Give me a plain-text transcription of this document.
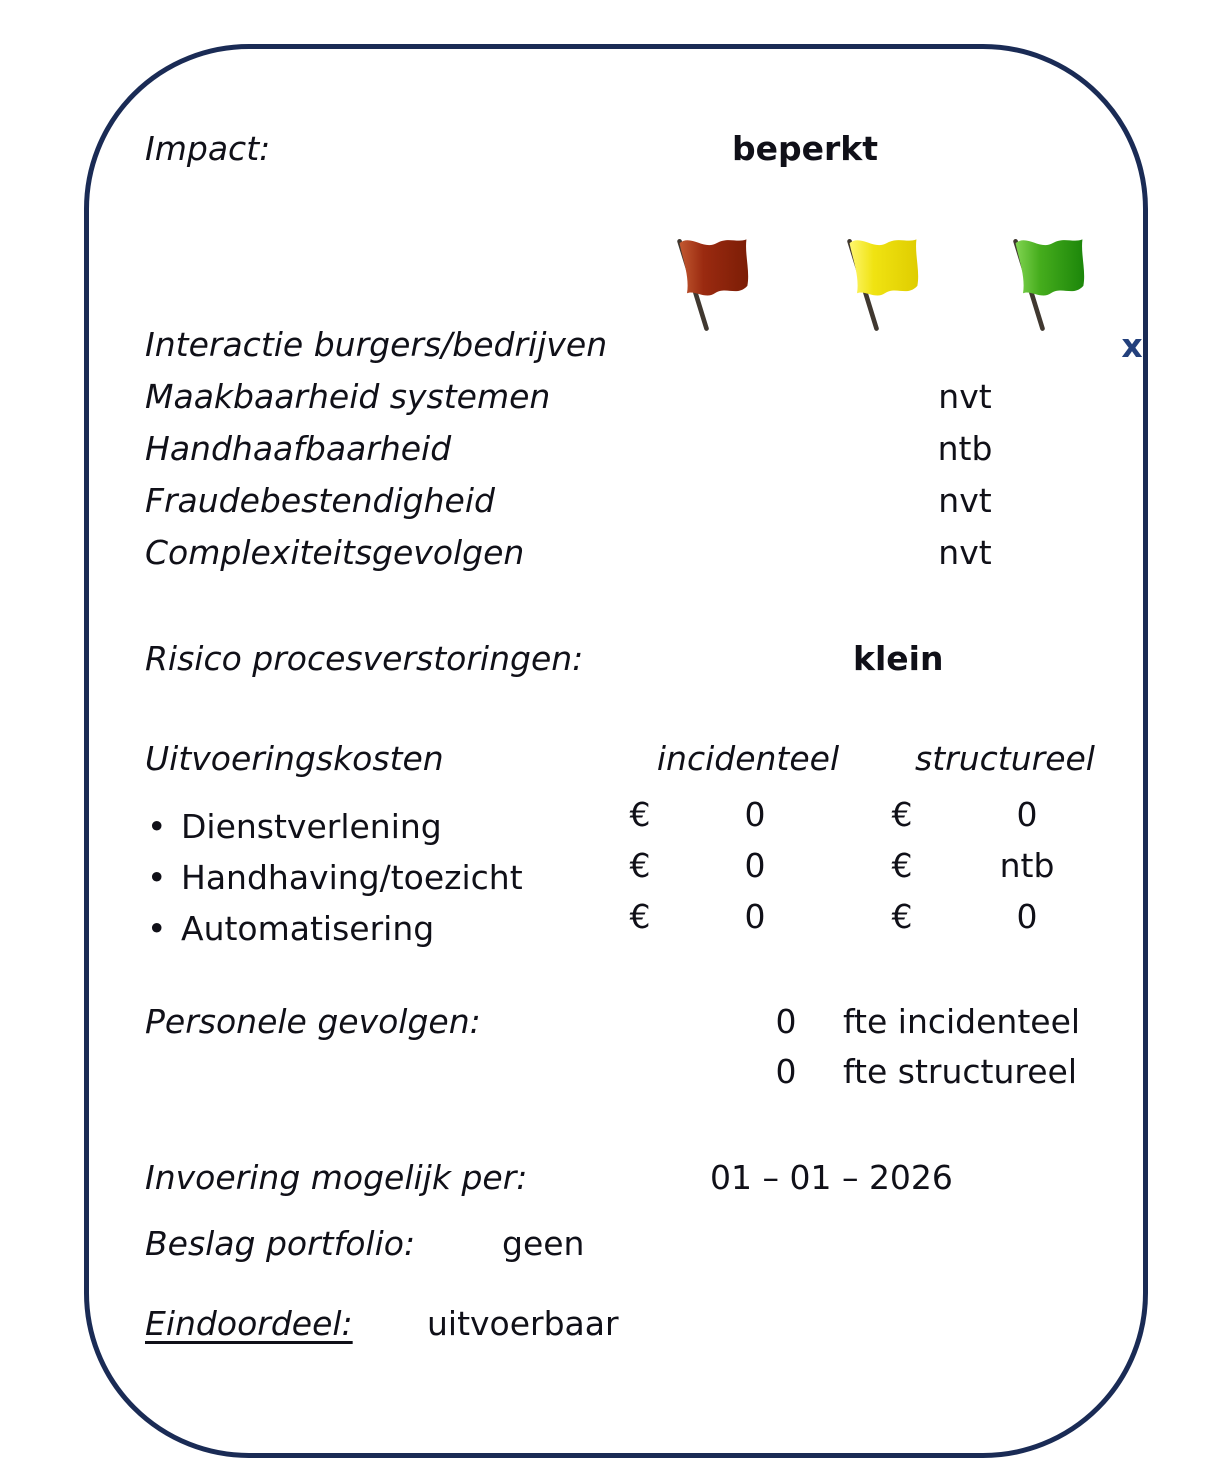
Impact:	beperkt
Interactie burgers/bedrijven	x
Maakbaarheid systemen	nvt
Handhaafbaarheid	ntb
Fraudebestendigheid	nvt
Complexiteitsgevolgen	nvt
Risico procesverstoringen:	klein
Uitvoeringskosten	incidenteel	structureel
• Dienstverlening	€	0	€	0
• Handhaving/toezicht	€	0	€	ntb
• Automatisering	€	0	€	0
Personele gevolgen:	0	fte incidenteel
0	fte structureel
Invoering mogelijk per:	01 – 01 – 2026
Beslag portfolio:	geen
Eindoordeel: uitvoerbaar
